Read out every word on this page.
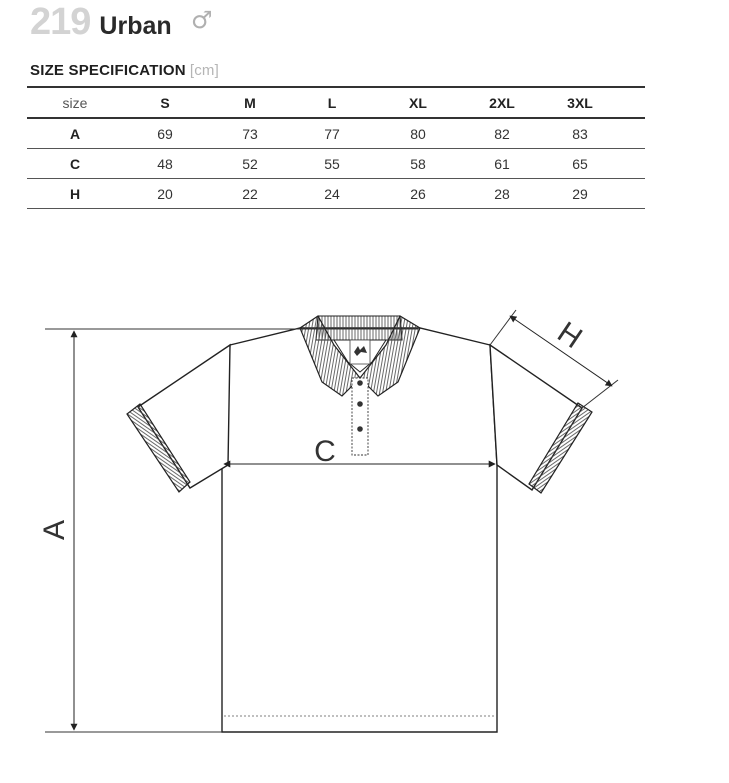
219 Urban ♂
SIZE SPECIFICATION [cm]
size	S	M	L	XL	2XL	3XL	
A	69	73	77	80	82	83	
C	48	52	55	58	61	65	
H	20	22	24	26	28	29	
A
C
H
